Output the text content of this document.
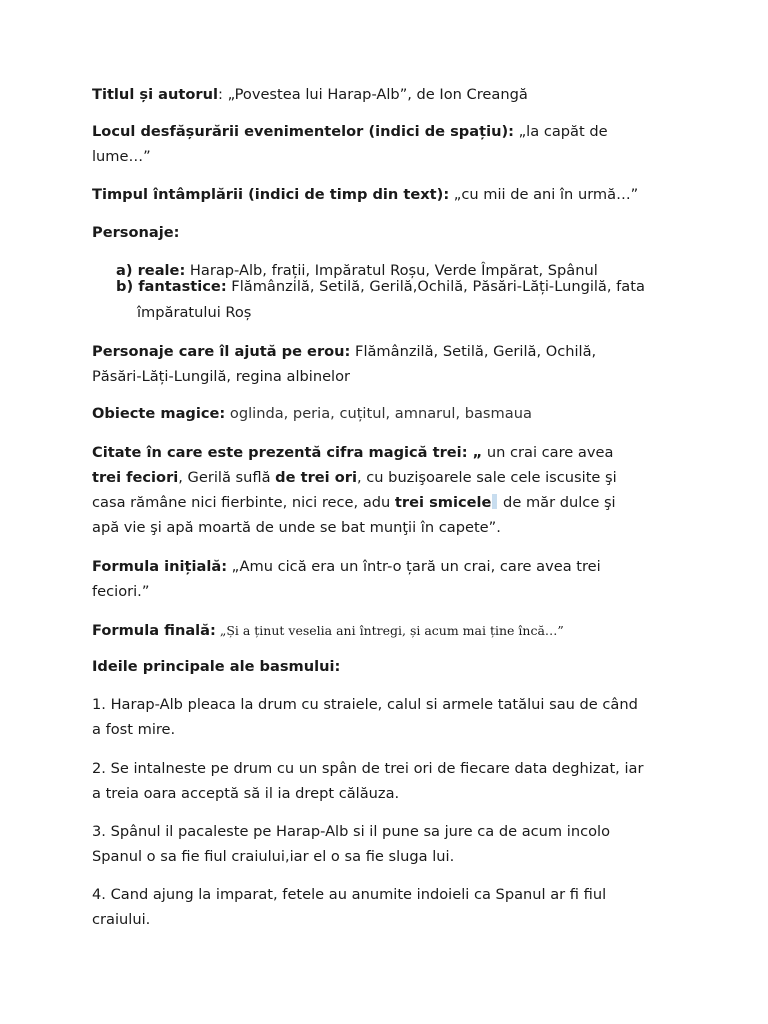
Titlul și autorul: „Povestea lui Harap-Alb”, de Ion Creangă
Locul desfășurării evenimentelor (indici de spațiu): „la capăt de
lume…”
Timpul întâmplării (indici de timp din text): „cu mii de ani în urmă…”
Personaje:
a) reale: Harap-Alb, frații, Impăratul Roșu, Verde Împărat, Spânul
b) fantastice: Flămânzilă, Setilă, Gerilă,Ochilă, Păsări-Lăți-Lungilă, fata
împăratului Roș
Personaje care îl ajută pe erou: Flămânzilă, Setilă, Gerilă, Ochilă,
Păsări-Lăți-Lungilă, regina albinelor
Obiecte magice: oglinda, peria, cuțitul, amnarul, basmaua
Citate în care este prezentă cifra magică trei: „ un crai care avea
trei feciori, Gerilă suflă de trei ori, cu buzişoarele sale cele iscusite şi
casa rămâne nici fierbinte, nici rece, adu trei smicele de măr dulce şi
apă vie şi apă moartă de unde se bat munţii în capete”.
Formula inițială: „Amu cică era un într-o țară un crai, care avea trei
feciori.”
Formula finală: „Și a ținut veselia ani întregi, și acum mai ține încă…”
Ideile principale ale basmului:
1. Harap-Alb pleaca la drum cu straiele, calul si armele tatălui sau de când
a fost mire.
2. Se intalneste pe drum cu un spân de trei ori de fiecare data deghizat, iar
a treia oara acceptă să il ia drept călăuza.
3. Spânul il pacaleste pe Harap-Alb si il pune sa jure ca de acum incolo
Spanul o sa fie fiul craiului,iar el o sa fie sluga lui.
4. Cand ajung la imparat, fetele au anumite indoieli ca Spanul ar fi fiul
craiului.
